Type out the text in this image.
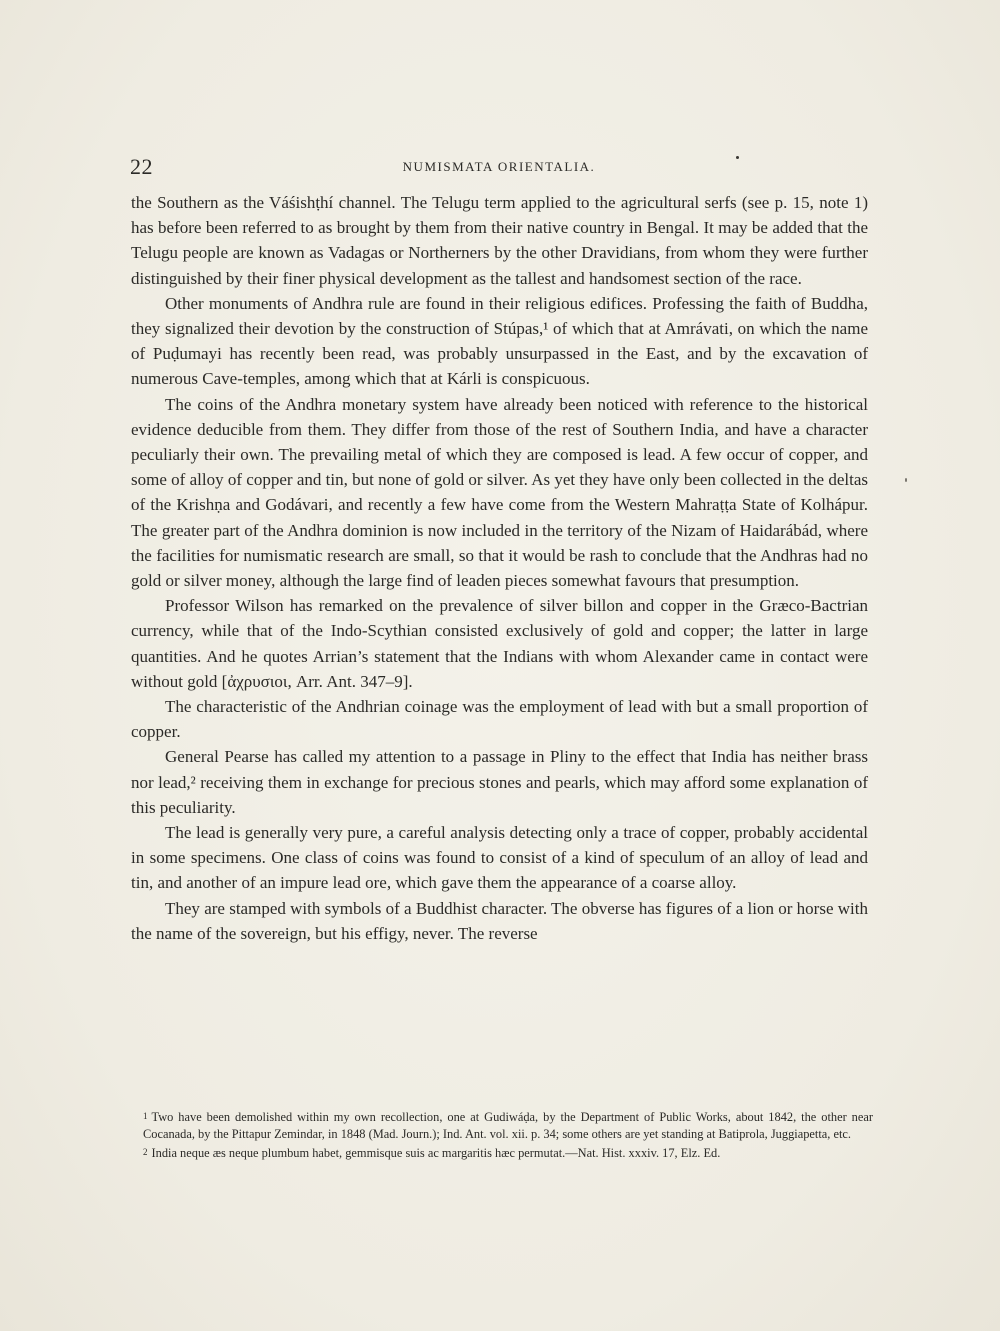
22	NUMISMATA ORIENTALIA.

the Southern as the Váśishṭhí channel. The Telugu term applied to the agricultural serfs (see p. 15, note 1) has before been referred to as brought by them from their native country in Bengal. It may be added that the Telugu people are known as Vadagas or Northerners by the other Dravidians, from whom they were further distinguished by their finer physical development as the tallest and handsomest section of the race.

Other monuments of Andhra rule are found in their religious edifices. Professing the faith of Buddha, they signalized their devotion by the construction of Stúpas,¹ of which that at Amrávati, on which the name of Puḍumayi has recently been read, was probably unsurpassed in the East, and by the excavation of numerous Cave-temples, among which that at Kárli is conspicuous.

The coins of the Andhra monetary system have already been noticed with reference to the historical evidence deducible from them. They differ from those of the rest of Southern India, and have a character peculiarly their own. The prevailing metal of which they are composed is lead. A few occur of copper, and some of alloy of copper and tin, but none of gold or silver. As yet they have only been collected in the deltas of the Krishṇa and Godávari, and recently a few have come from the Western Mahraṭṭa State of Kolhápur. The greater part of the Andhra dominion is now included in the territory of the Nizam of Haidarábád, where the facilities for numismatic research are small, so that it would be rash to conclude that the Andhras had no gold or silver money, although the large find of leaden pieces somewhat favours that presumption.

Professor Wilson has remarked on the prevalence of silver billon and copper in the Græco-Bactrian currency, while that of the Indo-Scythian consisted exclusively of gold and copper; the latter in large quantities. And he quotes Arrian’s statement that the Indians with whom Alexander came in contact were without gold [ἀχρυσιοι, Arr. Ant. 347–9].

The characteristic of the Andhrian coinage was the employment of lead with but a small proportion of copper.

General Pearse has called my attention to a passage in Pliny to the effect that India has neither brass nor lead,² receiving them in exchange for precious stones and pearls, which may afford some explanation of this peculiarity.

The lead is generally very pure, a careful analysis detecting only a trace of copper, probably accidental in some specimens. One class of coins was found to consist of a kind of speculum of an alloy of lead and tin, and another of an impure lead ore, which gave them the appearance of a coarse alloy.

They are stamped with symbols of a Buddhist character. The obverse has figures of a lion or horse with the name of the sovereign, but his effigy, never. The reverse

1 Two have been demolished within my own recollection, one at Gudiwáḍa, by the Department of Public Works, about 1842, the other near Cocanada, by the Pittapur Zemindar, in 1848 (Mad. Journ.); Ind. Ant. vol. xii. p. 34; some others are yet standing at Batiprola, Juggiapetta, etc.

2 India neque æs neque plumbum habet, gemmisque suis ac margaritis hæc permutat.—Nat. Hist. xxxiv. 17, Elz. Ed.
